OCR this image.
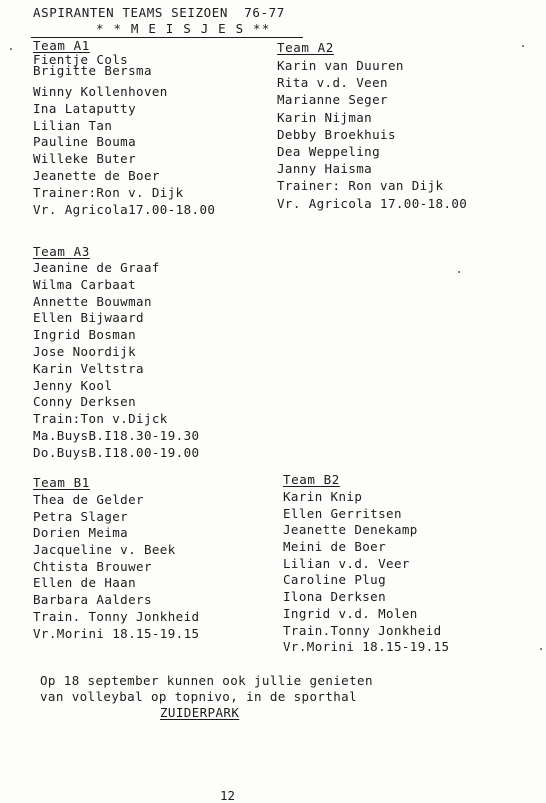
ASPIRANTEN TEAMS SEIZOEN  76-77
* * M E I S J E S **
Team A1
Fientje Cols
Brigitte Bersma
Winny Kollenhoven
Ina Lataputty
Lilian Tan
Pauline Bouma
Willeke Buter
Jeanette de Boer
Trainer:Ron v. Dijk
Vr. Agricola17.00-18.00
Team A2
Karin van Duuren
Rita v.d. Veen
Marianne Seger
Karin Nijman
Debby Broekhuis
Dea Weppeling
Janny Haisma
Trainer: Ron van Dijk
Vr. Agricola 17.00-18.00
Team A3
Jeanine de Graaf
Wilma Carbaat
Annette Bouwman
Ellen Bijwaard
Ingrid Bosman
Jose Noordijk
Karin Veltstra
Jenny Kool
Conny Derksen
Train:Ton v.Dijck
Ma.BuysB.I18.30-19.30
Do.BuysB.I18.00-19.00
Team B1
Thea de Gelder
Petra Slager
Dorien Meima
Jacqueline v. Beek
Chtista Brouwer
Ellen de Haan
Barbara Aalders
Train. Tonny Jonkheid
Vr.Morini 18.15-19.15
Team B2
Karin Knip
Ellen Gerritsen
Jeanette Denekamp
Meini de Boer
Lilian v.d. Veer
Caroline Plug
Ilona Derksen
Ingrid v.d. Molen
Train.Tonny Jonkheid
Vr.Morini 18.15-19.15
Op 18 september kunnen ook jullie genieten
van volleybal op topnivo, in de sporthal
ZUIDERPARK
12
